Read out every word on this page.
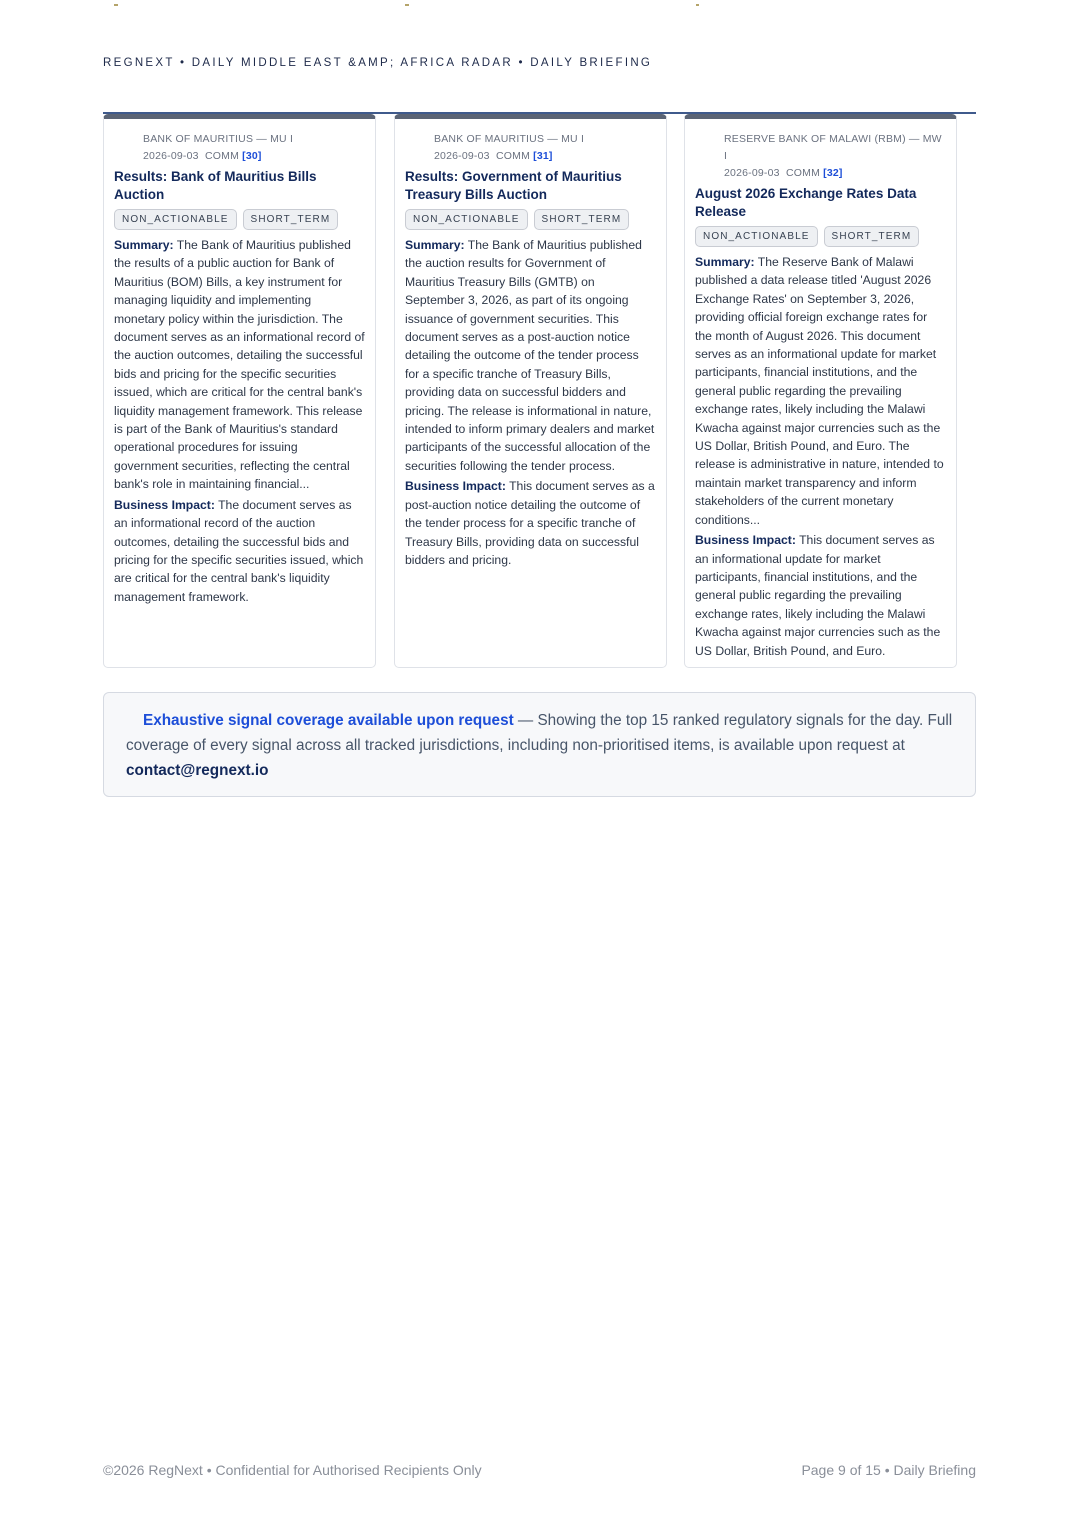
REGNEXT • DAILY MIDDLE EAST &AMP; AFRICA RADAR • DAILY BRIEFING
BANK OF MAURITIUS — MU I
2026-09-03 COMM [30]
Results: Bank of Mauritius Bills Auction
NON_ACTIONABLE SHORT_TERM
Summary: The Bank of Mauritius published the results of a public auction for Bank of Mauritius (BOM) Bills, a key instrument for managing liquidity and implementing monetary policy within the jurisdiction. The document serves as an informational record of the auction outcomes, detailing the successful bids and pricing for the specific securities issued, which are critical for the central bank's liquidity management framework. This release is part of the Bank of Mauritius's standard operational procedures for issuing government securities, reflecting the central bank's role in maintaining financial...
Business Impact: The document serves as an informational record of the auction outcomes, detailing the successful bids and pricing for the specific securities issued, which are critical for the central bank's liquidity management framework.
BANK OF MAURITIUS — MU I
2026-09-03 COMM [31]
Results: Government of Mauritius Treasury Bills Auction
NON_ACTIONABLE SHORT_TERM
Summary: The Bank of Mauritius published the auction results for Government of Mauritius Treasury Bills (GMTB) on September 3, 2026, as part of its ongoing issuance of government securities. This document serves as a post-auction notice detailing the outcome of the tender process for a specific tranche of Treasury Bills, providing data on successful bidders and pricing. The release is informational in nature, intended to inform primary dealers and market participants of the successful allocation of the securities following the tender process.
Business Impact: This document serves as a post-auction notice detailing the outcome of the tender process for a specific tranche of Treasury Bills, providing data on successful bidders and pricing.
RESERVE BANK OF MALAWI (RBM) — MW I
2026-09-03 COMM [32]
August 2026 Exchange Rates Data Release
NON_ACTIONABLE SHORT_TERM
Summary: The Reserve Bank of Malawi published a data release titled 'August 2026 Exchange Rates' on September 3, 2026, providing official foreign exchange rates for the month of August 2026. This document serves as an informational update for market participants, financial institutions, and the general public regarding the prevailing exchange rates, likely including the Malawi Kwacha against major currencies such as the US Dollar, British Pound, and Euro. The release is administrative in nature, intended to maintain market transparency and inform stakeholders of the current monetary conditions...
Business Impact: This document serves as an informational update for market participants, financial institutions, and the general public regarding the prevailing exchange rates, likely including the Malawi Kwacha against major currencies such as the US Dollar, British Pound, and Euro.
Exhaustive signal coverage available upon request — Showing the top 15 ranked regulatory signals for the day. Full coverage of every signal across all tracked jurisdictions, including non-prioritised items, is available upon request at contact@regnext.io
©2026 RegNext • Confidential for Authorised Recipients Only	Page 9 of 15 • Daily Briefing
